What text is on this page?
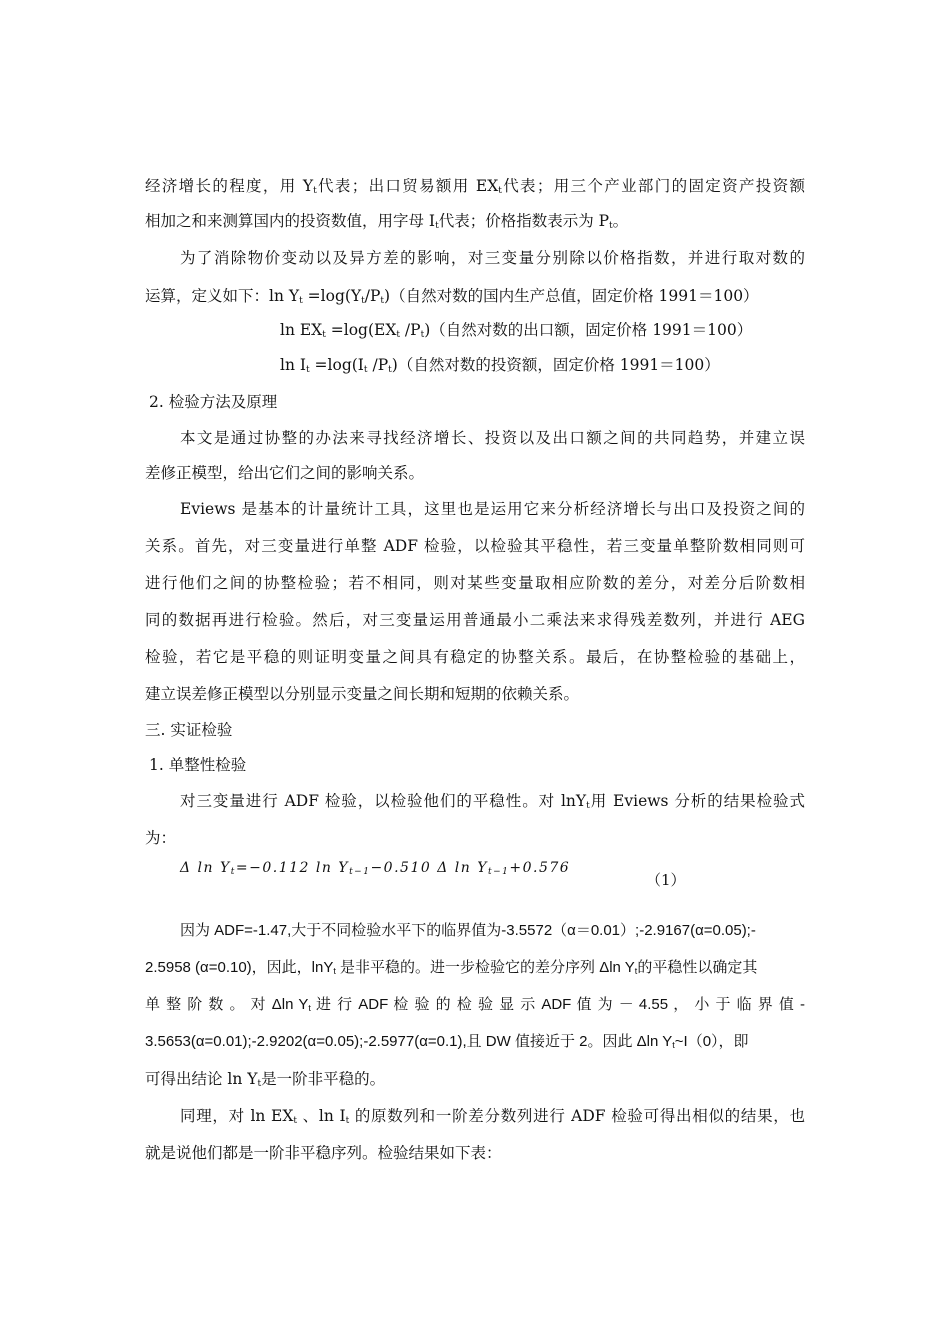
经济增长的程度，用 $Y_t$代表；出口贸易额用 $EX_t$代表；用三个产业部门的固定资产投资额
相加之和来测算国内的投资数值，用字母 $I_t$代表；价格指数表示为 $P_t$。
为了消除物价变动以及异方差的影响，对三变量分别除以价格指数，并进行取对数的
运算，定义如下：$\ln Y_t =\log(Y_t/P_t)$（自然对数的国内生产总值，固定价格 1991＝100）
$\ln EX_t =\log(EX_t$ $/P_t$)（自然对数的出口额，固定价格 1991＝100）
$\ln I_t =\log(I_t$ $/P_t$)（自然对数的投资额，固定价格 1991＝100）
2. 检验方法及原理
本文是通过协整的办法来寻找经济增长、投资以及出口额之间的共同趋势，并建立误
差修正模型，给出它们之间的影响关系。
Eviews 是基本的计量统计工具，这里也是运用它来分析经济增长与出口及投资之间的
关系。首先，对三变量进行单整 ADF 检验，以检验其平稳性，若三变量单整阶数相同则可
进行他们之间的协整检验；若不相同，则对某些变量取相应阶数的差分，对差分后阶数相
同的数据再进行检验。然后，对三变量运用普通最小二乘法来求得残差数列，并进行 AEG
检验，若它是平稳的则证明变量之间具有稳定的协整关系。最后，在协整检验的基础上，
建立误差修正模型以分别显示变量之间长期和短期的依赖关系。
三. 实证检验
1. 单整性检验
对三变量进行 ADF 检验，以检验他们的平稳性。对 lnY$_t$用 Eviews 分析的结果检验式
为：
Δ $\ln Y_t=-0.112$ $\ln Y_{t-1}-0.510$ Δ $\ln Y_{t-1}+0.576$
（1）
因为 ADF=-1.47,大于不同检验水平下的临界值为-3.5572（α＝0.01）;-2.9167(α=0.05);-
2.5958 (α=0.10)，因此，lnY$_t$ 是非平稳的。进一步检验它的差分序列 Δln $Y_t$的平稳性以确定其
单 整 阶 数 。 对 Δln $Y_t$ 进 行 ADF 检 验 的 检 验 显 示 ADF 值 为 － 4.55 ， 小 于 临 界 值 -
3.5653(α=0.01);-2.9202(α=0.05);-2.5977(α=0.1),且 DW 值接近于 2。因此 Δln $Y_t\sim I(0)$，即
可得出结论 $\ln Y_t$是一阶非平稳的。
同理，对 $\ln EX_t$ 、$\ln I_t$ 的原数列和一阶差分数列进行 ADF 检验可得出相似的结果，也
就是说他们都是一阶非平稳序列。检验结果如下表：
